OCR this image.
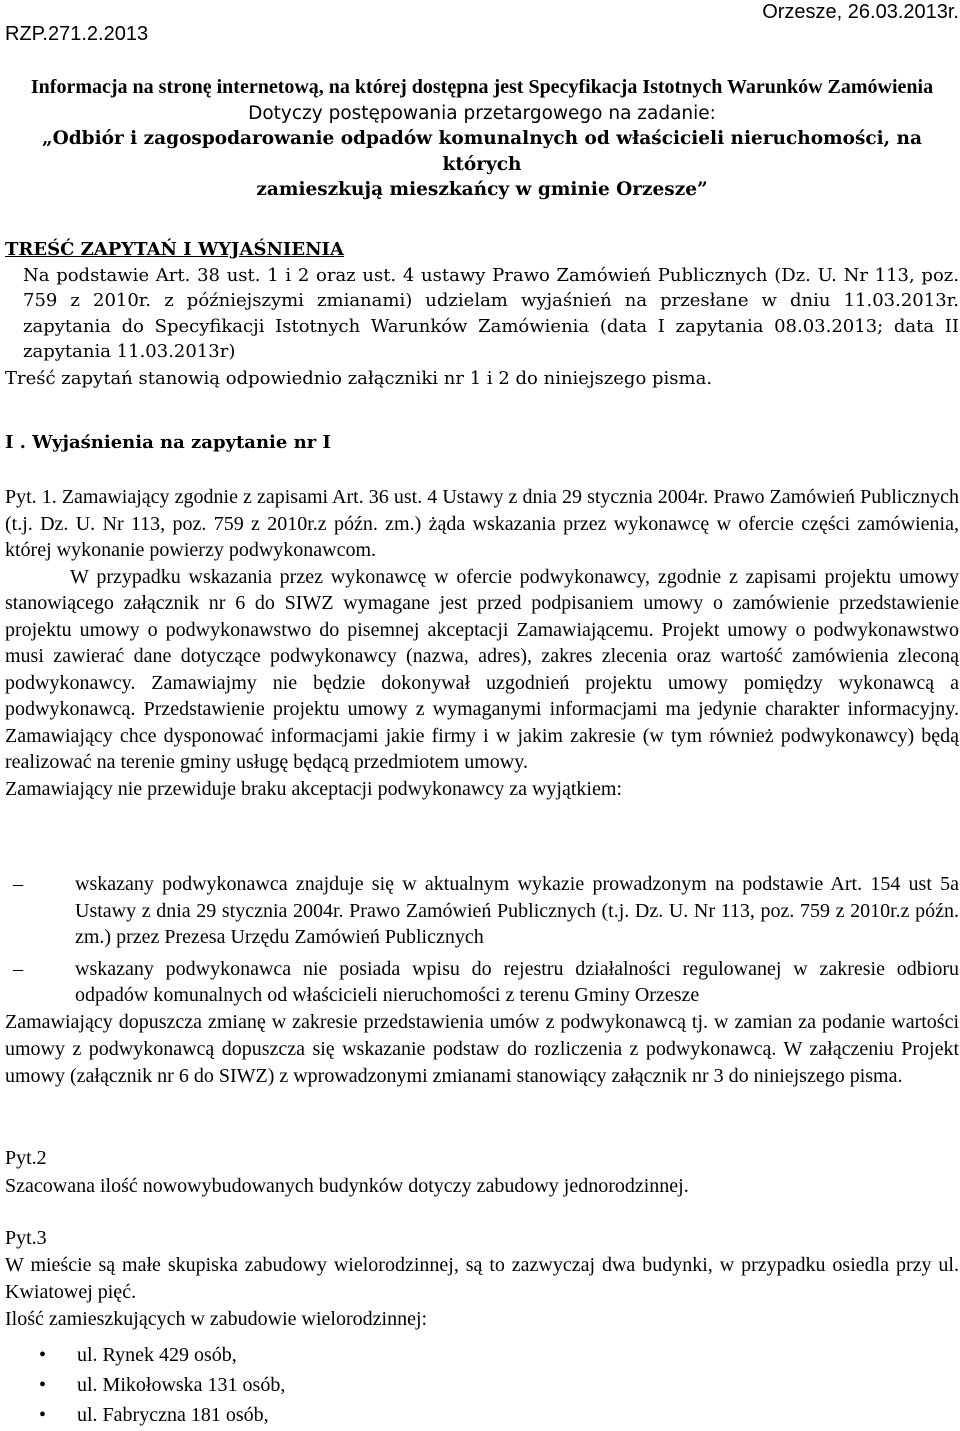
RZP.271.2.2013
Orzesze, 26.03.2013r.
Informacja na stronę internetową, na której dostępna jest Specyfikacja Istotnych Warunków Zamówienia
Dotyczy postępowania przetargowego na zadanie:
„Odbiór i zagospodarowanie odpadów komunalnych od właścicieli nieruchomości, na których
zamieszkują mieszkańcy w gminie Orzesze”
TREŚĆ ZAPYTAŃ I WYJAŚNIENIA
Na podstawie Art. 38 ust. 1 i 2 oraz ust. 4 ustawy Prawo Zamówień Publicznych (Dz. U. Nr 113, poz. 759 z 2010r. z późniejszymi zmianami) udzielam wyjaśnień na przesłane w dniu 11.03.2013r. zapytania do Specyfikacji Istotnych Warunków Zamówienia (data I zapytania 08.03.2013; data II zapytania 11.03.2013r)
Treść zapytań stanowią odpowiednio załączniki nr 1 i 2 do niniejszego pisma.
I . Wyjaśnienia na zapytanie nr I
Pyt. 1. Zamawiający zgodnie z zapisami Art. 36 ust. 4 Ustawy z dnia 29 stycznia 2004r. Prawo Zamówień Publicznych (t.j. Dz. U. Nr 113, poz. 759 z 2010r.z późn. zm.) żąda wskazania przez wykonawcę w ofercie części zamówienia, której wykonanie powierzy podwykonawcom.
W przypadku wskazania przez wykonawcę w ofercie podwykonawcy, zgodnie z zapisami projektu umowy stanowiącego załącznik nr 6 do SIWZ wymagane jest przed podpisaniem umowy o zamówienie przedstawienie projektu umowy o podwykonawstwo do pisemnej akceptacji Zamawiającemu. Projekt umowy o podwykonawstwo musi zawierać dane dotyczące podwykonawcy (nazwa, adres), zakres zlecenia oraz wartość zamówienia zleconą podwykonawcy. Zamawiajmy nie będzie dokonywał uzgodnień projektu umowy pomiędzy wykonawcą a podwykonawcą. Przedstawienie projektu umowy z wymaganymi informacjami ma jedynie charakter informacyjny. Zamawiający chce dysponować informacjami jakie firmy i w jakim zakresie (w tym również podwykonawcy) będą realizować na terenie gminy usługę będącą przedmiotem umowy.
Zamawiający nie przewiduje braku akceptacji podwykonawcy za wyjątkiem:
–	wskazany podwykonawca znajduje się w aktualnym wykazie prowadzonym na podstawie Art. 154 ust 5a Ustawy z dnia 29 stycznia 2004r. Prawo Zamówień Publicznych (t.j. Dz. U. Nr 113, poz. 759 z 2010r.z późn. zm.) przez Prezesa Urzędu Zamówień Publicznych
–	wskazany podwykonawca nie posiada wpisu do rejestru działalności regulowanej w zakresie odbioru odpadów komunalnych od właścicieli nieruchomości z terenu Gminy Orzesze
Zamawiający dopuszcza zmianę w zakresie przedstawienia umów z podwykonawcą tj. w zamian za podanie wartości umowy z podwykonawcą dopuszcza się wskazanie podstaw do rozliczenia z podwykonawcą. W załączeniu Projekt umowy (załącznik nr 6 do SIWZ) z wprowadzonymi zmianami stanowiący załącznik nr 3 do niniejszego pisma.
Pyt.2
Szacowana ilość nowowybudowanych budynków dotyczy zabudowy jednorodzinnej.
Pyt.3
W mieście są małe skupiska zabudowy wielorodzinnej, są to zazwyczaj dwa budynki, w przypadku osiedla przy ul. Kwiatowej pięć.
Ilość zamieszkujących w zabudowie wielorodzinnej:
• ul. Rynek 429 osób,
• ul. Mikołowska 131 osób,
• ul. Fabryczna 181 osób,
